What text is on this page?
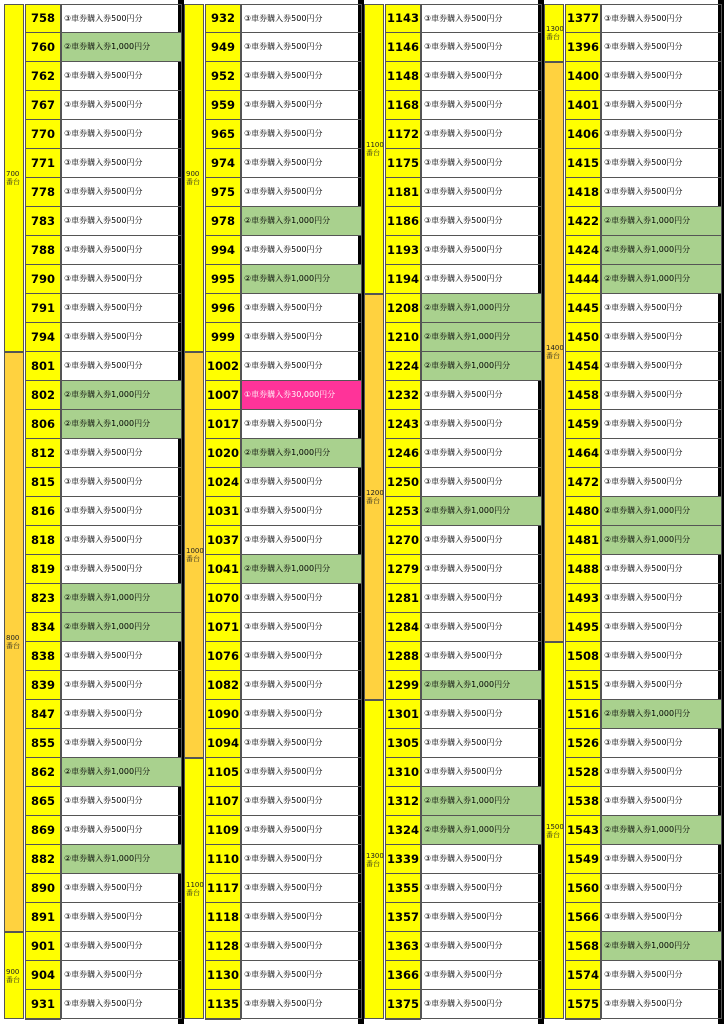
700
番台
800
番台
900
番台
758	③車券購入券500円分
760	②車券購入券1,000円分
762	③車券購入券500円分
767	③車券購入券500円分
770	③車券購入券500円分
771	③車券購入券500円分
778	③車券購入券500円分
783	③車券購入券500円分
788	③車券購入券500円分
790	③車券購入券500円分
791	③車券購入券500円分
794	③車券購入券500円分
801	③車券購入券500円分
802	②車券購入券1,000円分
806	②車券購入券1,000円分
812	③車券購入券500円分
815	③車券購入券500円分
816	③車券購入券500円分
818	③車券購入券500円分
819	③車券購入券500円分
823	②車券購入券1,000円分
834	②車券購入券1,000円分
838	③車券購入券500円分
839	③車券購入券500円分
847	③車券購入券500円分
855	③車券購入券500円分
862	②車券購入券1,000円分
865	③車券購入券500円分
869	③車券購入券500円分
882	②車券購入券1,000円分
890	③車券購入券500円分
891	③車券購入券500円分
901	③車券購入券500円分
904	③車券購入券500円分
931	③車券購入券500円分
900
番台
1000
番台
1100
番台
932	③車券購入券500円分
949	③車券購入券500円分
952	③車券購入券500円分
959	③車券購入券500円分
965	③車券購入券500円分
974	③車券購入券500円分
975	③車券購入券500円分
978	②車券購入券1,000円分
994	③車券購入券500円分
995	②車券購入券1,000円分
996	③車券購入券500円分
999	③車券購入券500円分
1002 ③車券購入券500円分
1007 ①車券購入券30,000円分
1017 ③車券購入券500円分
1020 ②車券購入券1,000円分
1024 ③車券購入券500円分
1031 ③車券購入券500円分
1037 ③車券購入券500円分
1041 ②車券購入券1,000円分
1070 ③車券購入券500円分
1071 ③車券購入券500円分
1076 ③車券購入券500円分
1082 ③車券購入券500円分
1090 ③車券購入券500円分
1094 ③車券購入券500円分
1105 ③車券購入券500円分
1107 ③車券購入券500円分
1109 ③車券購入券500円分
1110 ③車券購入券500円分
1117 ③車券購入券500円分
1118 ③車券購入券500円分
1128 ③車券購入券500円分
1130 ③車券購入券500円分
1135 ③車券購入券500円分
1100
番台
1200
番台
1300
番台
1143 ③車券購入券500円分
1146 ③車券購入券500円分
1148 ③車券購入券500円分
1168 ③車券購入券500円分
1172 ③車券購入券500円分
1175 ③車券購入券500円分
1181 ③車券購入券500円分
1186 ③車券購入券500円分
1193 ③車券購入券500円分
1194 ③車券購入券500円分
1208 ②車券購入券1,000円分
1210 ②車券購入券1,000円分
1224 ②車券購入券1,000円分
1232 ③車券購入券500円分
1243 ③車券購入券500円分
1246 ③車券購入券500円分
1250 ③車券購入券500円分
1253 ②車券購入券1,000円分
1270 ③車券購入券500円分
1279 ③車券購入券500円分
1281 ③車券購入券500円分
1284 ③車券購入券500円分
1288 ③車券購入券500円分
1299 ②車券購入券1,000円分
1301 ③車券購入券500円分
1305 ③車券購入券500円分
1310 ③車券購入券500円分
1312 ②車券購入券1,000円分
1324 ②車券購入券1,000円分
1339 ③車券購入券500円分
1355 ③車券購入券500円分
1357 ③車券購入券500円分
1363 ③車券購入券500円分
1366 ③車券購入券500円分
1375 ③車券購入券500円分
1300
番台
1400
番台
1500
番台
1377 ③車券購入券500円分
1396 ③車券購入券500円分
1400 ③車券購入券500円分
1401 ③車券購入券500円分
1406 ③車券購入券500円分
1415 ③車券購入券500円分
1418 ③車券購入券500円分
1422 ②車券購入券1,000円分
1424 ②車券購入券1,000円分
1444 ②車券購入券1,000円分
1445 ③車券購入券500円分
1450 ③車券購入券500円分
1454 ③車券購入券500円分
1458 ③車券購入券500円分
1459 ③車券購入券500円分
1464 ③車券購入券500円分
1472 ③車券購入券500円分
1480 ②車券購入券1,000円分
1481 ②車券購入券1,000円分
1488 ③車券購入券500円分
1493 ③車券購入券500円分
1495 ③車券購入券500円分
1508 ③車券購入券500円分
1515 ③車券購入券500円分
1516 ②車券購入券1,000円分
1526 ③車券購入券500円分
1528 ③車券購入券500円分
1538 ③車券購入券500円分
1543 ②車券購入券1,000円分
1549 ③車券購入券500円分
1560 ③車券購入券500円分
1566 ③車券購入券500円分
1568 ②車券購入券1,000円分
1574 ③車券購入券500円分
1575 ③車券購入券500円分
